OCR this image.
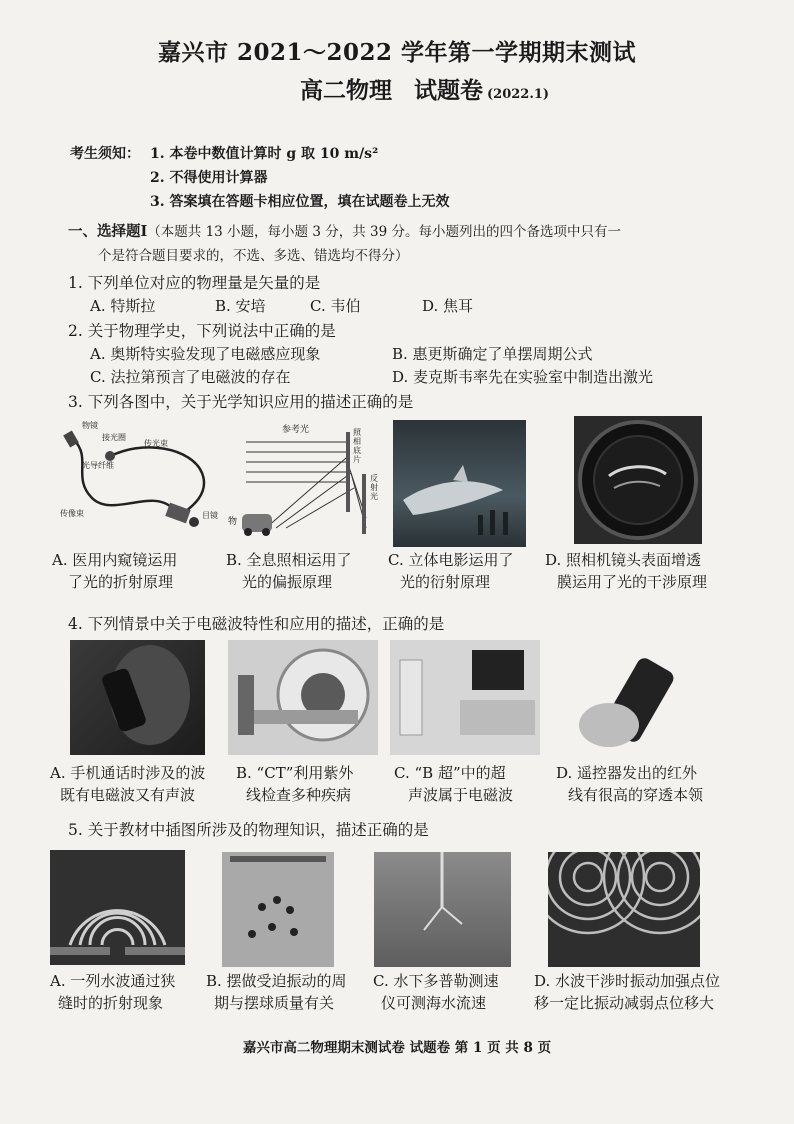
嘉兴市 2021～2022 学年第一学期期末测试
高二物理 试题卷 (2022.1)
考生须知： 1. 本卷中数值计算时 g 取 10 m/s²
2. 不得使用计算器
3. 答案填在答题卡相应位置，填在试题卷上无效
一、选择题Ⅰ（本题共 13 小题，每小题 3 分，共 39 分。每小题列出的四个备选项中只有一
个是符合题目要求的，不选、多选、错选均不得分）
1. 下列单位对应的物理量是矢量的是
A. 特斯拉	B. 安培	C. 韦伯	D. 焦耳
2. 关于物理学史，下列说法中正确的是
A. 奥斯特实验发现了电磁感应现象	B. 惠更斯确定了单摆周期公式
C. 法拉第预言了电磁波的存在	D. 麦克斯韦率先在实验室中制造出激光
3. 下列各图中，关于光学知识应用的描述正确的是
物镜
接光圈
传光束
光导纤维
传像束	目镜
参考光	照相底片
反射光
物
A. 医用内窥镜运用
了光的折射原理
B. 全息照相运用了
光的偏振原理
C. 立体电影运用了
光的衍射原理
D. 照相机镜头表面增透
膜运用了光的干涉原理
4. 下列情景中关于电磁波特性和应用的描述，正确的是
A. 手机通话时涉及的波
既有电磁波又有声波
B. “CT”利用紫外
线检查多种疾病
C. “B 超”中的超
声波属于电磁波
D. 遥控器发出的红外
线有很高的穿透本领
5. 关于教材中插图所涉及的物理知识，描述正确的是
A. 一列水波通过狭
缝时的折射现象
B. 摆做受迫振动的周
期与摆球质量有关
C. 水下多普勒测速
仪可测海水流速
D. 水波干涉时振动加强点位
移一定比振动减弱点位移大
嘉兴市高二物理期末测试卷 试题卷 第 1 页 共 8 页
